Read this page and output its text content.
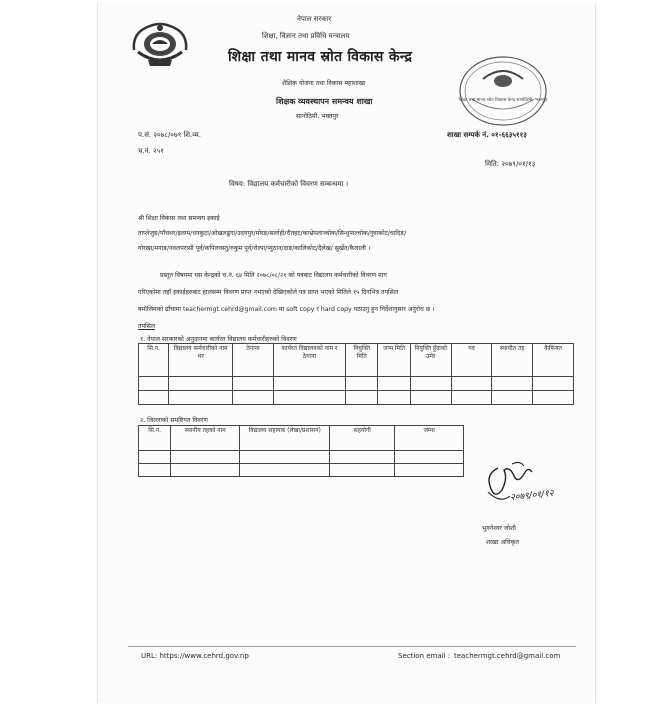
नेपाल सरकार
शिक्षा, विज्ञान तथा प्रविधि मन्त्रालय
शिक्षा तथा मानव स्रोत विकास केन्द्र
शैक्षिक योजना तथा विकास महाशाखा
शिक्षक व्यवस्थापन समन्वय शाखा
सानोठिमी, भक्तपुर
शिक्षा तथा मानव स्रोत विकास केन्द्र सानोठिमी, भक्तपुर
प.सं. २०७८/०७९ शि.व्य.
च.नं. २५१
शाखा सम्पर्क नं. ०१-६६३५११३
मिति: २०७९/०१/१३
विषय: विद्यालय कर्मचारीको विवरण सम्बन्धमा ।
श्री शिक्षा विकास तथा समन्वय इकाई
ताप्लेजुङ/पाँचथर/इलाम/धनकुटा/ओखलढुंगा/उदयपुर/मोरङ/सर्लाही/रौतहट/काभ्रेपलाञ्चोक/सिन्धुपाल्चोक/नुवाकोट/धादिङ/
गोरखा/मनाङ/नवलपरासी पूर्व/कपिलवस्तु/रुकुम पूर्व/रोल्पा/प्युठान/दाङ/कालिकोट/दैलेख/ सुर्खेत/कैलाली ।
प्रस्तुत विषयमा यस केन्द्रको च.नं. ६४ मिति २०७८/०८/२१ को पत्रबाट विद्यालय कर्मचारीको विवरण माग
गरिएकोमा तहाँ इकाईहरुबाट हालसम्म विवरण प्राप्त नभएको देखिएकोले पत्र प्राप्त भएको मितिले १५ दिनभित्र तपसिल
बमोजिमको ढाँचामा teachermgt.cehrd@gmail.com मा soft copy र hard copy पठाउनु हुन निर्देशानुसार अनुरोध छ ।
तपसिल
१. नेपाल सरकारको अनुदानमा कार्यरत विद्यालय कर्मचारीहरुको विवरण
सि.न.	विद्यालय कर्मचारीको नाम थर	ठेगाना	कार्यरत विद्यालयको नाम र ठेगाना	नियुक्ति मिति	जन्म मिति	नियुक्ति हुँदाको उमेर	पद	स्थायीत तह	कैफियत

२. जिल्लाको समष्टिगत विवरण
सि.न.	स्थानीय तहको नाम	विद्यालय सहायक (लेखा/प्रशासन)	सहयोगी	जम्मा

२०७९/०१/१२
भुवनेश्वर जोशी
शाखा अधिकृत
URL: https://www.cehrd.gov.np	Section email : teachermgt.cehrd@gmail.com
